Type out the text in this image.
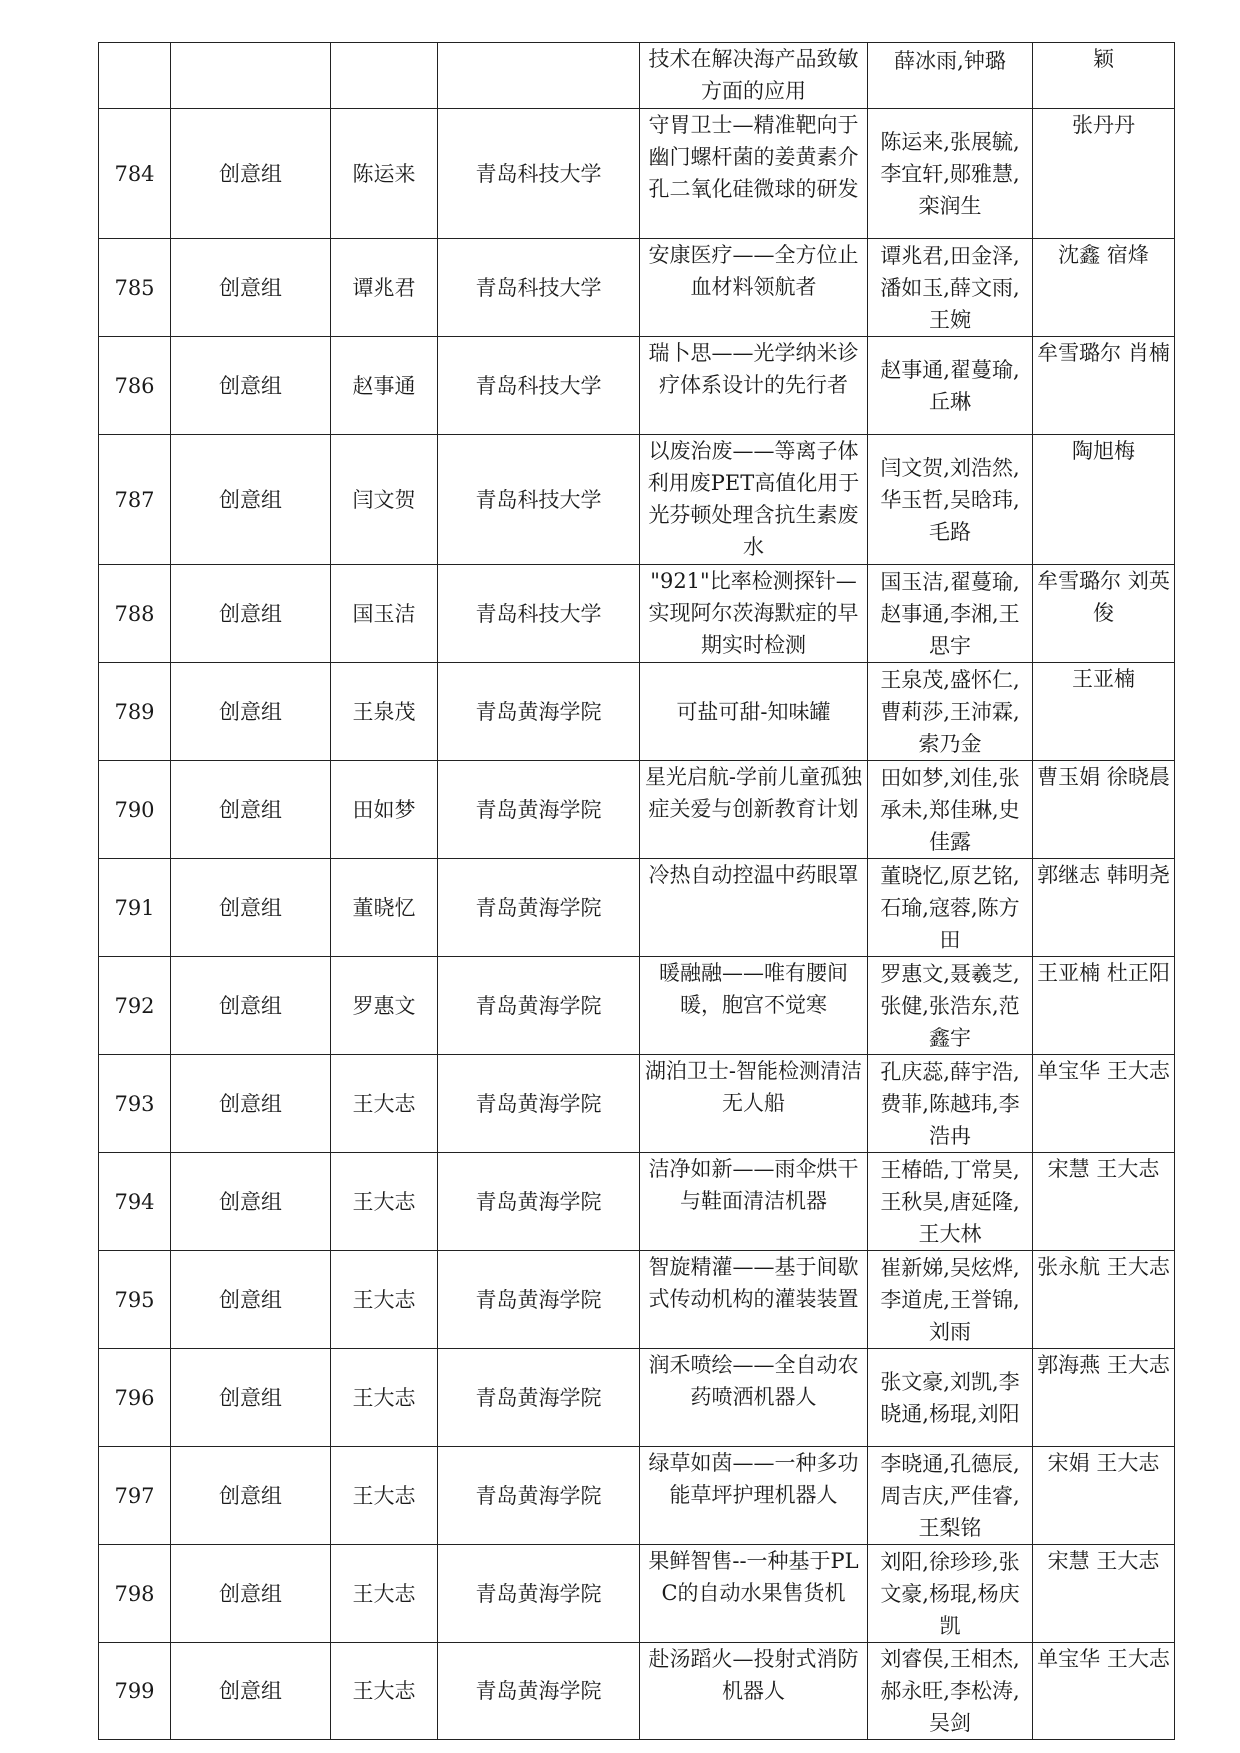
				技术在解决海产品致敏方面的应用	薛冰雨,钟璐	颖
784	创意组	陈运来	青岛科技大学	守胃卫士—精准靶向于幽门螺杆菌的姜黄素介孔二氧化硅微球的研发	陈运来,张展毓,李宜轩,郧雅慧,栾润生	张丹丹
785	创意组	谭兆君	青岛科技大学	安康医疗——全方位止血材料领航者	谭兆君,田金泽,潘如玉,薛文雨,王婉	沈鑫 宿烽
786	创意组	赵事通	青岛科技大学	瑞卜思——光学纳米诊疗体系设计的先行者	赵事通,翟蔓瑜,丘琳	牟雪璐尔 肖楠
787	创意组	闫文贺	青岛科技大学	以废治废——等离子体利用废PET高值化用于光芬顿处理含抗生素废水	闫文贺,刘浩然,华玉哲,吴晗玮,毛路	陶旭梅
788	创意组	国玉洁	青岛科技大学	"921"比率检测探针—实现阿尔茨海默症的早期实时检测	国玉洁,翟蔓瑜,赵事通,李湘,王思宇	牟雪璐尔 刘英俊
789	创意组	王泉茂	青岛黄海学院	可盐可甜-知味罐	王泉茂,盛怀仁,曹莉莎,王沛霖,索乃金	王亚楠
790	创意组	田如梦	青岛黄海学院	星光启航-学前儿童孤独症关爱与创新教育计划	田如梦,刘佳,张承未,郑佳琳,史佳露	曹玉娟 徐晓晨
791	创意组	董晓忆	青岛黄海学院	冷热自动控温中药眼罩	董晓忆,原艺铭,石瑜,寇蓉,陈方田	郭继志 韩明尧
792	创意组	罗惠文	青岛黄海学院	暖融融——唯有腰间暖，胞宫不觉寒	罗惠文,聂羲芝,张健,张浩东,范鑫宇	王亚楠 杜正阳
793	创意组	王大志	青岛黄海学院	湖泊卫士-智能检测清洁无人船	孔庆蕊,薛宇浩,费菲,陈越玮,李浩冉	单宝华 王大志
794	创意组	王大志	青岛黄海学院	洁净如新——雨伞烘干与鞋面清洁机器	王椿皓,丁常昊,王秋昊,唐延隆,王大林	宋慧 王大志
795	创意组	王大志	青岛黄海学院	智旋精灌——基于间歇式传动机构的灌装装置	崔新娣,吴炫烨,李道虎,王誉锦,刘雨	张永航 王大志
796	创意组	王大志	青岛黄海学院	润禾喷绘——全自动农药喷洒机器人	张文豪,刘凯,李晓通,杨琨,刘阳	郭海燕 王大志
797	创意组	王大志	青岛黄海学院	绿草如茵——一种多功能草坪护理机器人	李晓通,孔德辰,周吉庆,严佳睿,王梨铭	宋娟 王大志
798	创意组	王大志	青岛黄海学院	果鲜智售--一种基于PLC的自动水果售货机	刘阳,徐珍珍,张文豪,杨琨,杨庆凯	宋慧 王大志
799	创意组	王大志	青岛黄海学院	赴汤蹈火—投射式消防机器人	刘睿俣,王相杰,郝永旺,李松涛,吴剑	单宝华 王大志
